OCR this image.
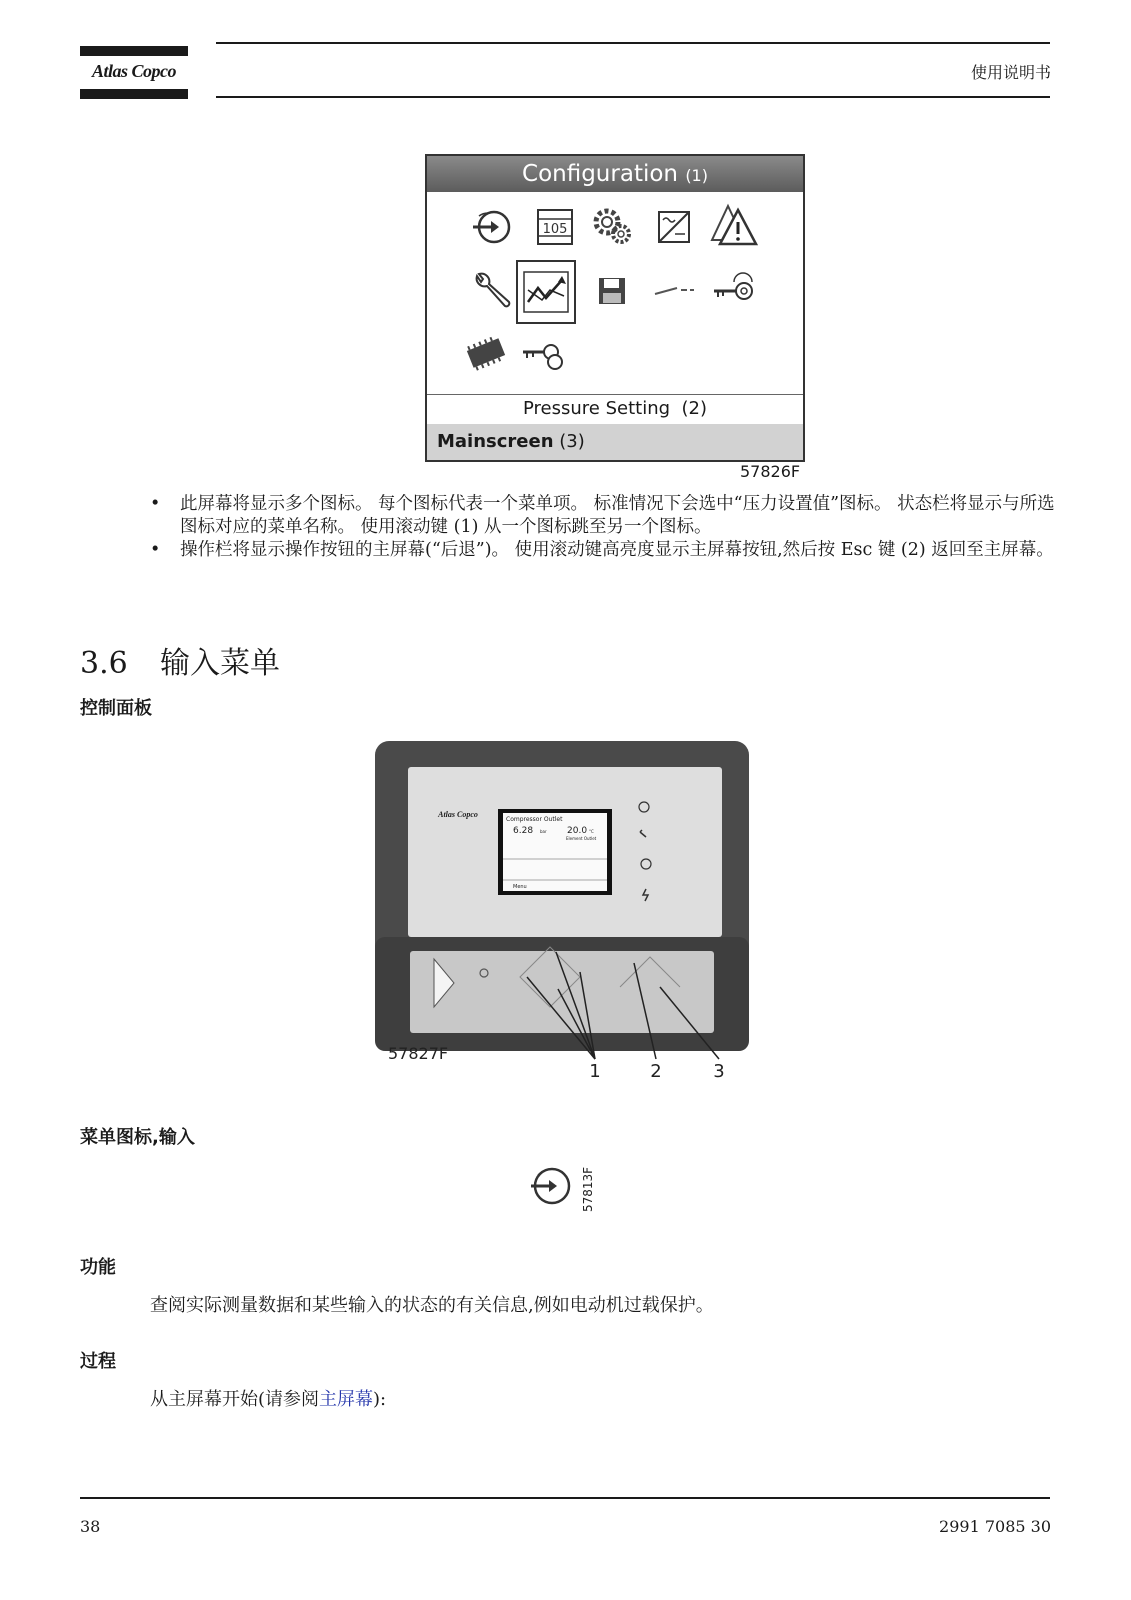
Atlas Copco	使用说明书
Configuration (1)
105
Pressure Setting (2)
Mainscreen (3)
57826F

• 此屏幕将显示多个图标。 每个图标代表一个菜单项。 标准情况下会选中“压力设置值”图标。 状态栏将显示与所选图标对应的菜单名称。 使用滚动键 (1) 从一个图标跳至另一个图标。

• 操作栏将显示操作按钮的主屏幕(“后退”)。 使用滚动键高亮度显示主屏幕按钮,然后按 Esc 键 (2) 返回至主屏幕。

3.6 输入菜单
控制面板
Atlas Copco
Compressor Outlet
6.28 bar 20.0 °C
Element Outlet
Menu
57827F
1	2	3
菜单图标,输入
57813F
功能
查阅实际测量数据和某些输入的状态的有关信息,例如电动机过载保护。
过程
从主屏幕开始(请参阅主屏幕):
38	2991 7085 30
